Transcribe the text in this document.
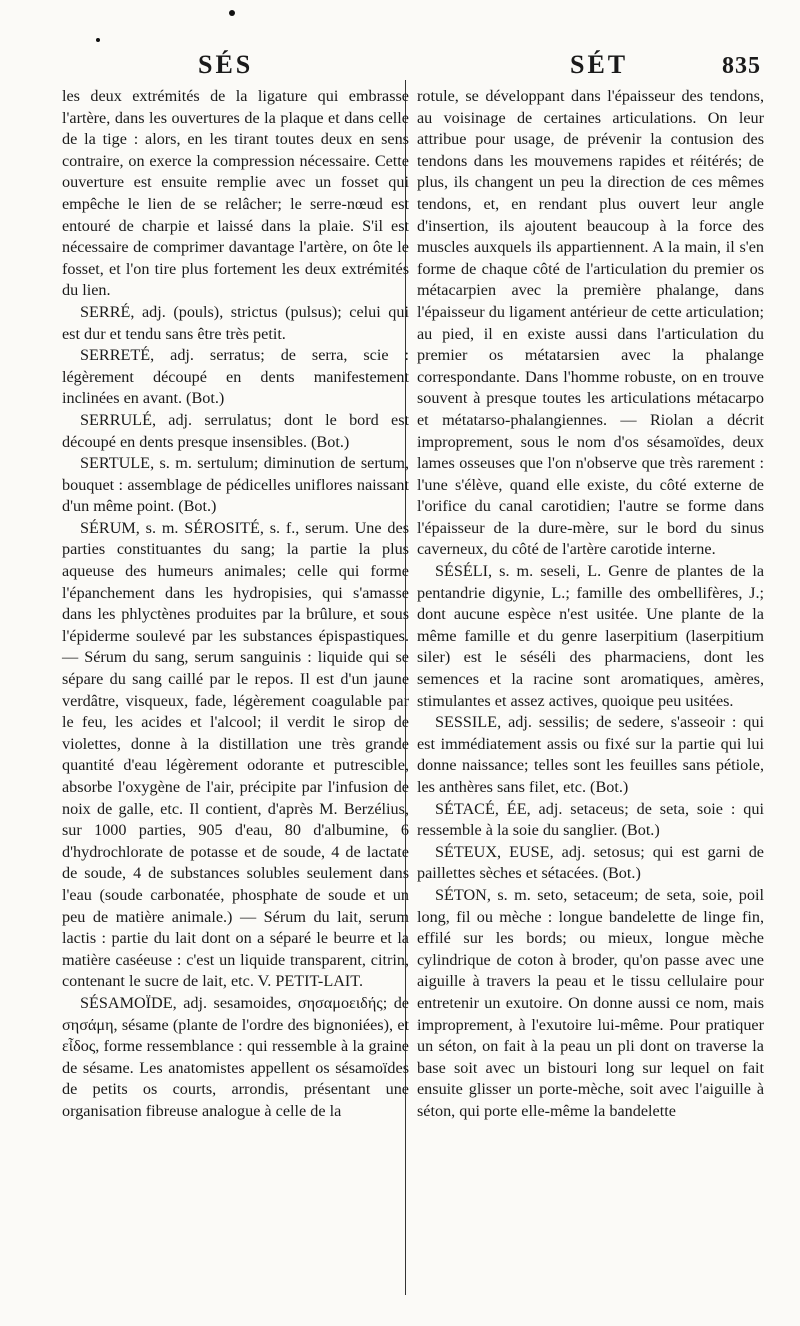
SÉS	SÉT	835

les deux extrémités de la ligature qui embrasse l'artère, dans les ouvertures de la plaque et dans celle de la tige : alors, en les tirant toutes deux en sens contraire, on exerce la compression nécessaire. Cette ouverture est ensuite remplie avec un fosset qui empêche le lien de se relâcher; le serre-nœud est entouré de charpie et laissé dans la plaie. S'il est nécessaire de comprimer davantage l'artère, on ôte le fosset, et l'on tire plus fortement les deux extrémités du lien.

SERRÉ, adj. (pouls), strictus (pulsus); celui qui est dur et tendu sans être très petit.

SERRETÉ, adj. serratus; de serra, scie : légèrement découpé en dents manifestement inclinées en avant. (Bot.)

SERRULÉ, adj. serrulatus; dont le bord est découpé en dents presque insensibles. (Bot.)

SERTULE, s. m. sertulum; diminution de sertum, bouquet : assemblage de pédicelles uniflores naissant d'un même point. (Bot.)

SÉRUM, s. m. SÉROSITÉ, s. f., serum. Une des parties constituantes du sang; la partie la plus aqueuse des humeurs animales; celle qui forme l'épanchement dans les hydropisies, qui s'amasse dans les phlyctènes produites par la brûlure, et sous l'épiderme soulevé par les substances épispastiques. — Sérum du sang, serum sanguinis : liquide qui se sépare du sang caillé par le repos. Il est d'un jaune verdâtre, visqueux, fade, légèrement coagulable par le feu, les acides et l'alcool; il verdit le sirop de violettes, donne à la distillation une très grande quantité d'eau légèrement odorante et putrescible, absorbe l'oxygène de l'air, précipite par l'infusion de noix de galle, etc. Il contient, d'après M. Berzélius, sur 1000 parties, 905 d'eau, 80 d'albumine, 6 d'hydrochlorate de potasse et de soude, 4 de lactate de soude, 4 de substances solubles seulement dans l'eau (soude carbonatée, phosphate de soude et un peu de matière animale.) — Sérum du lait, serum lactis : partie du lait dont on a séparé le beurre et la matière caséeuse : c'est un liquide transparent, citrin, contenant le sucre de lait, etc. V. PETIT-LAIT.

SÉSAMOÏDE, adj. sesamoides, σησαμοειδής; de σησάμη, sésame (plante de l'ordre des bignoniées), et εἶδος, forme ressemblance : qui ressemble à la graine de sésame. Les anatomistes appellent os sésamoïdes de petits os courts, arrondis, présentant une organisation fibreuse analogue à celle de la

rotule, se développant dans l'épaisseur des tendons, au voisinage de certaines articulations. On leur attribue pour usage, de prévenir la contusion des tendons dans les mouvemens rapides et réitérés; de plus, ils changent un peu la direction de ces mêmes tendons, et, en rendant plus ouvert leur angle d'insertion, ils ajoutent beaucoup à la force des muscles auxquels ils appartiennent. A la main, il s'en forme de chaque côté de l'articulation du premier os métacarpien avec la première phalange, dans l'épaisseur du ligament antérieur de cette articulation; au pied, il en existe aussi dans l'articulation du premier os métatarsien avec la phalange correspondante. Dans l'homme robuste, on en trouve souvent à presque toutes les articulations métacarpo et métatarso-phalangiennes. — Riolan a décrit improprement, sous le nom d'os sésamoïdes, deux lames osseuses que l'on n'observe que très rarement : l'une s'élève, quand elle existe, du côté externe de l'orifice du canal carotidien; l'autre se forme dans l'épaisseur de la dure-mère, sur le bord du sinus caverneux, du côté de l'artère carotide interne.

SÉSÉLI, s. m. seseli, L. Genre de plantes de la pentandrie digynie, L.; famille des ombellifères, J.; dont aucune espèce n'est usitée. Une plante de la même famille et du genre laserpitium (laserpitium siler) est le séséli des pharmaciens, dont les semences et la racine sont aromatiques, amères, stimulantes et assez actives, quoique peu usitées.

SESSILE, adj. sessilis; de sedere, s'asseoir : qui est immédiatement assis ou fixé sur la partie qui lui donne naissance; telles sont les feuilles sans pétiole, les anthères sans filet, etc. (Bot.)

SÉTACÉ, ÉE, adj. setaceus; de seta, soie : qui ressemble à la soie du sanglier. (Bot.)

SÉTEUX, EUSE, adj. setosus; qui est garni de paillettes sèches et sétacées. (Bot.)

SÉTON, s. m. seto, setaceum; de seta, soie, poil long, fil ou mèche : longue bandelette de linge fin, effilé sur les bords; ou mieux, longue mèche cylindrique de coton à broder, qu'on passe avec une aiguille à travers la peau et le tissu cellulaire pour entretenir un exutoire. On donne aussi ce nom, mais improprement, à l'exutoire lui-même. Pour pratiquer un séton, on fait à la peau un pli dont on traverse la base soit avec un bistouri long sur lequel on fait ensuite glisser un porte-mèche, soit avec l'aiguille à séton, qui porte elle-même la bandelette
